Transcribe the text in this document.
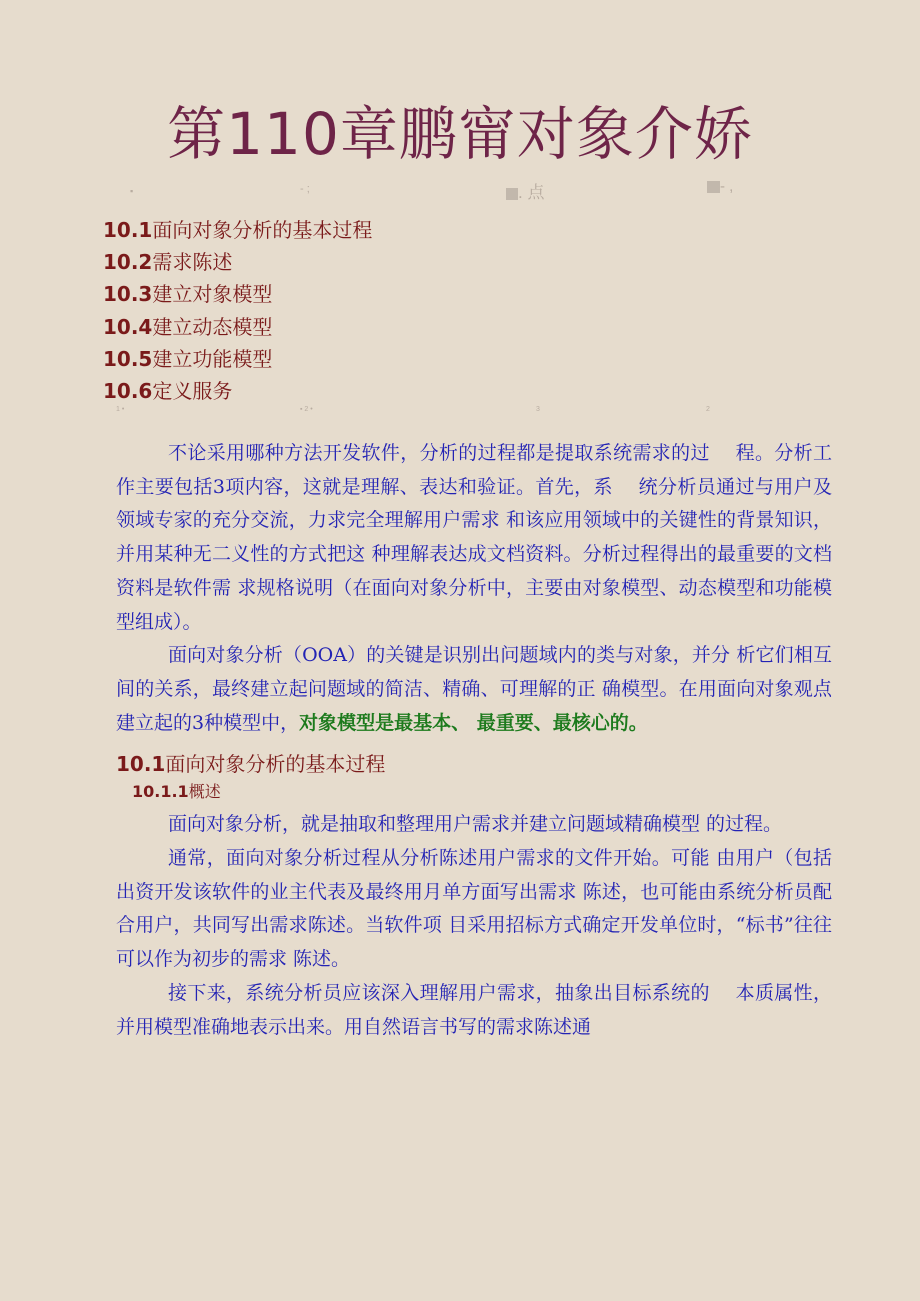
第110章鹏甯对象介娇
▪	- ;	. 点	- ,
10.1面向对象分析的基本过程
10.2需求陈述
10.3建立对象模型
10.4建立动态模型
10.5建立功能模型
10.6定义服务
1 •	▪ 2 •	3	2

不论采用哪种方法开发软件，分析的过程都是提取系统需求的过　 程。分析工作主要包括3项内容，这就是理解、表达和验证。首先，系　 统分析员通过与用户及领域专家的充分交流，力求完全理解用户需求 和该应用领域中的关键性的背景知识，并用某种无二义性的方式把这 种理解表达成文档资料。分析过程得出的最重要的文档资料是软件需 求规格说明（在面向对象分析中，主要由对象模型、动态模型和功能模 型组成）。

面向对象分析（OOA）的关键是识别出问题域内的类与对象，并分 析它们相互间的关系，最终建立起问题域的简洁、精确、可理解的正 确模型。在用面向对象观点建立起的3种模型中，对象模型是最基本、 最重要、最核心的。

10.1面向对象分析的基本过程
10.1.1概述

面向对象分析，就是抽取和整理用户需求并建立问题域精确模型 的过程。

通常，面向对象分析过程从分析陈述用户需求的文件开始。可能 由用户（包括出资开发该软件的业主代表及最终用月单方面写出需求 陈述，也可能由系统分析员配合用户，共同写出需求陈述。当软件项 目采用招标方式确定开发单位时，“标书”往往可以作为初步的需求 陈述。

接下来，系统分析员应该深入理解用户需求，抽象出目标系统的　 本质属性，并用模型准确地表示出来。用自然语言书写的需求陈述通
